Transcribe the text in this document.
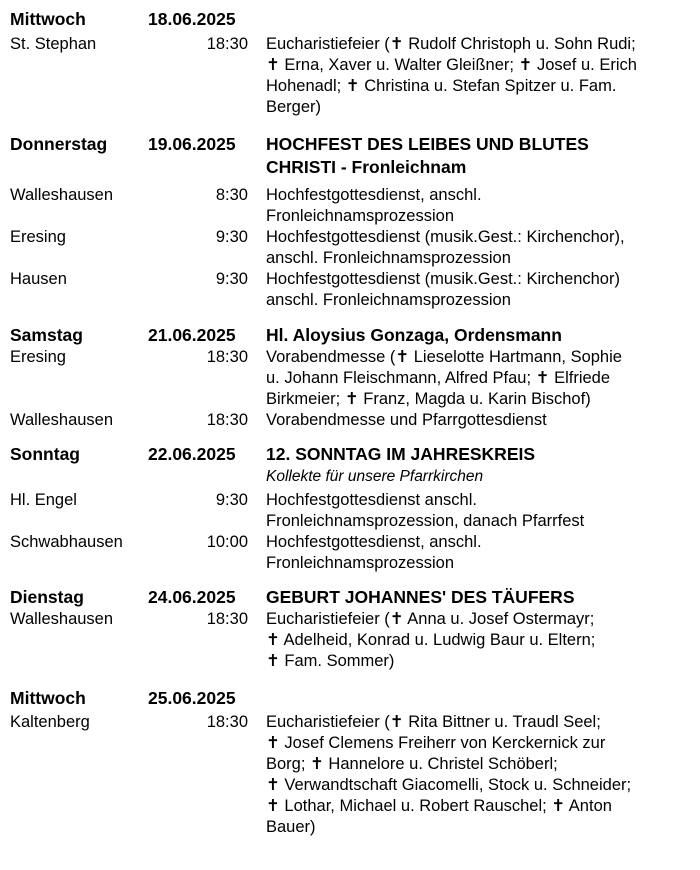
Mittwoch	18.06.2025
St. Stephan	18:30 Eucharistiefeier (✝ Rudolf Christoph u. Sohn Rudi;
✝ Erna, Xaver u. Walter Gleißner; ✝ Josef u. Erich
Hohenadl; ✝ Christina u. Stefan Spitzer u. Fam.
Berger)
Donnerstag	19.06.2025	HOCHFEST DES LEIBES UND BLUTES
CHRISTI - Fronleichnam
Walleshausen	8:30 Hochfestgottesdienst, anschl.
Fronleichnamsprozession
Eresing	9:30 Hochfestgottesdienst (musik.Gest.: Kirchenchor),
anschl. Fronleichnamsprozession
Hausen	9:30 Hochfestgottesdienst (musik.Gest.: Kirchenchor)
anschl. Fronleichnamsprozession
Samstag	21.06.2025	Hl. Aloysius Gonzaga, Ordensmann
Eresing	18:30 Vorabendmesse (✝ Lieselotte Hartmann, Sophie
u. Johann Fleischmann, Alfred Pfau; ✝ Elfriede
Birkmeier; ✝ Franz, Magda u. Karin Bischof)
Walleshausen	18:30 Vorabendmesse und Pfarrgottesdienst
Sonntag	22.06.2025	12. SONNTAG IM JAHRESKREIS
Kollekte für unsere Pfarrkirchen
Hl. Engel	9:30 Hochfestgottesdienst anschl.
Fronleichnamsprozession, danach Pfarrfest
Schwabhausen	10:00 Hochfestgottesdienst, anschl.
Fronleichnamsprozession
Dienstag	24.06.2025	GEBURT JOHANNES' DES TÄUFERS
Walleshausen	18:30 Eucharistiefeier (✝ Anna u. Josef Ostermayr;
✝ Adelheid, Konrad u. Ludwig Baur u. Eltern;
✝ Fam. Sommer)
Mittwoch	25.06.2025
Kaltenberg	18:30 Eucharistiefeier (✝ Rita Bittner u. Traudl Seel;
✝ Josef Clemens Freiherr von Kerckernick zur
Borg; ✝ Hannelore u. Christel Schöberl;
✝ Verwandtschaft Giacomelli, Stock u. Schneider;
✝ Lothar, Michael u. Robert Rauschel; ✝ Anton
Bauer)
